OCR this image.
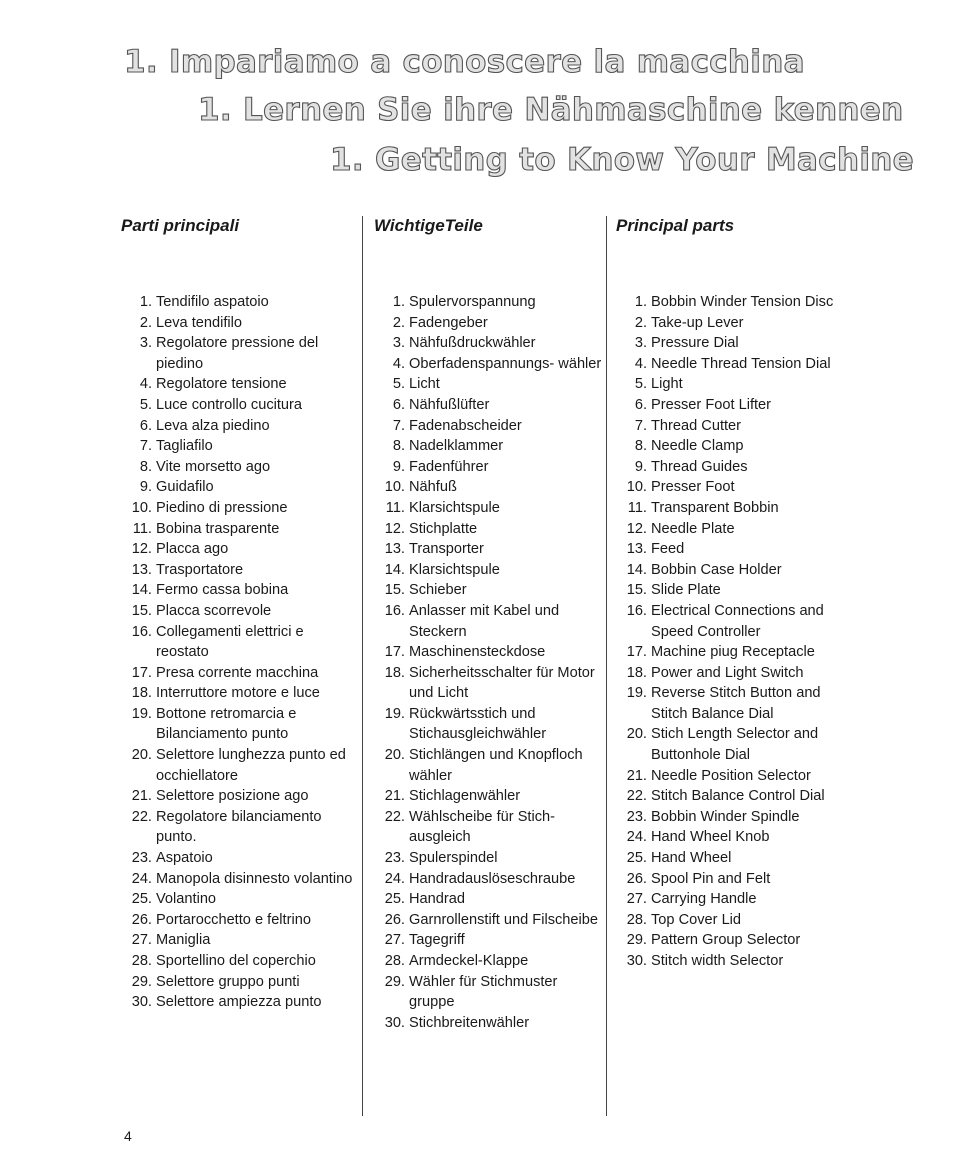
1. Impariamo a conoscere la macchina
1. Lernen Sie ihre Nähmaschine kennen
1. Getting to Know Your Machine
Parti principali
1. Tendifilo aspatoio
2. Leva tendifilo
3. Regolatore pressione del piedino
4. Regolatore tensione
5. Luce controllo cucitura
6. Leva alza piedino
7. Tagliafilo
8. Vite morsetto ago
9. Guidafilo
10. Piedino di pressione
11. Bobina trasparente
12. Placca ago
13. Trasportatore
14. Fermo cassa bobina
15. Placca scorrevole
16. Collegamenti elettrici e reostato
17. Presa corrente macchina
18. Interruttore motore e luce
19. Bottone retromarcia e Bilanciamento punto
20. Selettore lunghezza punto ed occhiellatore
21. Selettore posizione ago
22. Regolatore bilanciamento punto.
23. Aspatoio
24. Manopola disinnesto volantino
25. Volantino
26. Portarocchetto e feltrino
27. Maniglia
28. Sportellino del coperchio
29. Selettore gruppo punti
30. Selettore ampiezza punto
WichtigeTeile
1. Spulervorspannung
2. Fadengeber
3. Nähfußdruckwähler
4. Oberfadenspannungs- wähler
5. Licht
6. Nähfußlüfter
7. Fadenabscheider
8. Nadelklammer
9. Fadenführer
10. Nähfuß
11. Klarsichtspule
12. Stichplatte
13. Transporter
14. Klarsichtspule
15. Schieber
16. Anlasser mit Kabel und Steckern
17. Maschinensteckdose
18. Sicherheitsschalter für Motor und Licht
19. Rückwärtsstich und Stichausgleichwähler
20. Stichlängen und Knopfloch wähler
21. Stichlagenwähler
22. Wählscheibe für Stich- ausgleich
23. Spulerspindel
24. Handradauslöseschraube
25. Handrad
26. Garnrollenstift und Filscheibe
27. Tagegriff
28. Armdeckel-Klappe
29. Wähler für Stichmuster gruppe
30. Stichbreitenwähler
Principal parts
1. Bobbin Winder Tension Disc
2. Take-up Lever
3. Pressure Dial
4. Needle Thread Tension Dial
5. Light
6. Presser Foot Lifter
7. Thread Cutter
8. Needle Clamp
9. Thread Guides
10. Presser Foot
11. Transparent Bobbin
12. Needle Plate
13. Feed
14. Bobbin Case Holder
15. Slide Plate
16. Electrical Connections and Speed Controller
17. Machine piug Receptacle
18. Power and Light Switch
19. Reverse Stitch Button and Stitch Balance Dial
20. Stich Length Selector and Buttonhole Dial
21. Needle Position Selector
22. Stitch Balance Control Dial
23. Bobbin Winder Spindle
24. Hand Wheel Knob
25. Hand Wheel
26. Spool Pin and Felt
27. Carrying Handle
28. Top Cover Lid
29. Pattern Group Selector
30. Stitch width Selector
4
